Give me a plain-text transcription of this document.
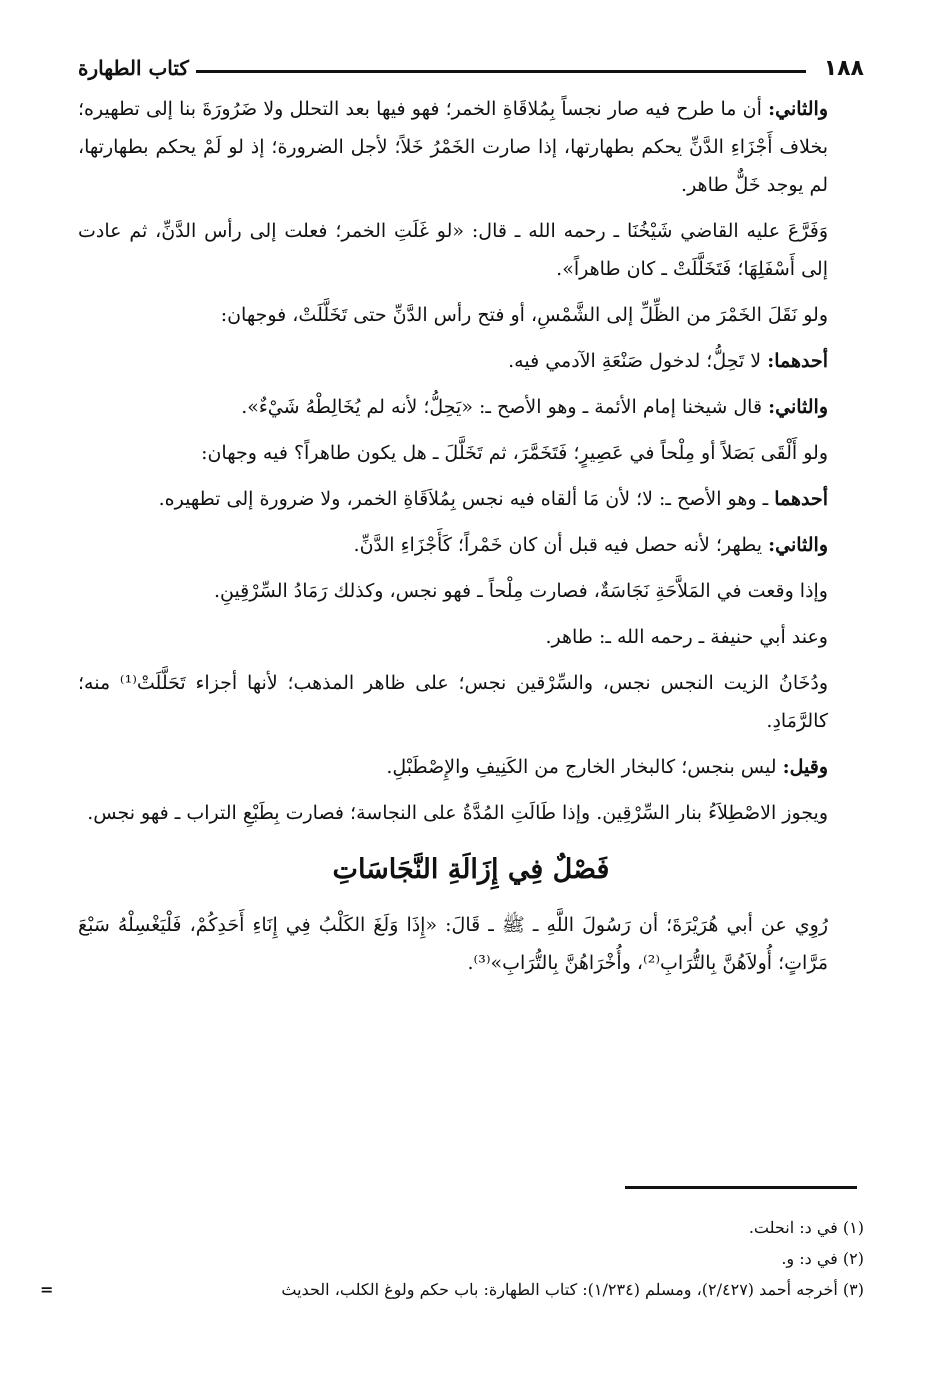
١٨٨
كتاب الطهارة

والثاني: أن ما طرح فيه صار نجساً بِمُلاقَاةِ الخمر؛ فهو فيها بعد التحلل ولا ضَرُورَةَ بنا إلى تطهيره؛ بخلاف أَجْزَاءِ الدَّنِّ يحكم بطهارتها، إذا صارت الخَمْرُ خَلاً؛ لأجل الضرورة؛ إذ لو لَمْ يحكم بطهارتها، لم يوجد خَلٌّ طاهر.

وَفَرَّعَ عليه القاضي شَيْخُنَا ـ رحمه الله ـ قال: «لو غَلَتِ الخمر؛ فعلت إلى رأس الدَّنِّ، ثم عادت إلى أَسْفَلِهَا؛ فَتَخَلَّلَتْ ـ كان طاهراً».

ولو نَقَلَ الخَمْرَ من الظِّلِّ إلى الشَّمْسِ، أو فتح رأس الدَّنِّ حتى تَخَلَّلَتْ، فوجهان:

أحدهما: لا تَحِلُّ؛ لدخول صَنْعَةِ الآدمي فيه.

والثاني: قال شيخنا إمام الأئمة ـ وهو الأصح ـ: «يَحِلُّ؛ لأنه لم يُخَالِطْهُ شَيْءٌ».

ولو أَلْقَى بَصَلاً أو مِلْحاً في عَصِيرٍ؛ فَتَخَمَّرَ، ثم تَخَلَّلَ ـ هل يكون طاهراً؟ فيه وجهان:

أحدهما ـ وهو الأصح ـ: لا؛ لأن مَا ألقاه فيه نجس بِمُلاَقَاةِ الخمر، ولا ضرورة إلى تطهيره.

والثاني: يطهر؛ لأنه حصل فيه قبل أن كان خَمْراً؛ كَأَجْزَاءِ الدَّنِّ.

وإذا وقعت في المَلاَّحَةِ نَجَاسَةٌ، فصارت مِلْحاً ـ فهو نجس، وكذلك رَمَادُ السِّرْقِينِ.

وعند أبي حنيفة ـ رحمه الله ـ: طاهر.

ودُخَانُ الزيت النجس نجس، والسِّرْقين نجس؛ على ظاهر المذهب؛ لأنها أجزاء تَحَلَّلَتْ⁽¹⁾ منه؛ كالرَّمَادِ.

وقيل: ليس بنجس؛ كالبخار الخارج من الكَنِيفِ والإِصْطَبْلِ.

ويجوز الاصْطِلاَءُ بنار السِّرْقِين. وإذا طَالَتِ المُدَّةُ على النجاسة؛ فصارت بِطَبْعِ التراب ـ فهو نجس.

فَصْلٌ فِي إِزَالَةِ النَّجَاسَاتِ

رُوِي عن أبي هُرَيْرَةَ؛ أن رَسُولَ اللَّهِ ـ ﷺ ـ قَالَ: «إِذَا وَلَغَ الكَلْبُ فِي إِنَاءِ أَحَدِكُمْ، فَلْيَغْسِلْهُ سَبْعَ مَرَّاتٍ؛ أُولاَهُنَّ بِالتُّرَابِ⁽²⁾، وأُخْرَاهُنَّ بِالتُّرَابِ»⁽³⁾.

(١) في د: انحلت.

(٢) في د: و.

(٣) أخرجه أحمد (٢/٤٢٧)، ومسلم (١/٢٣٤): كتاب الطهارة: باب حكم ولوغ الكلب، الحديث
=
